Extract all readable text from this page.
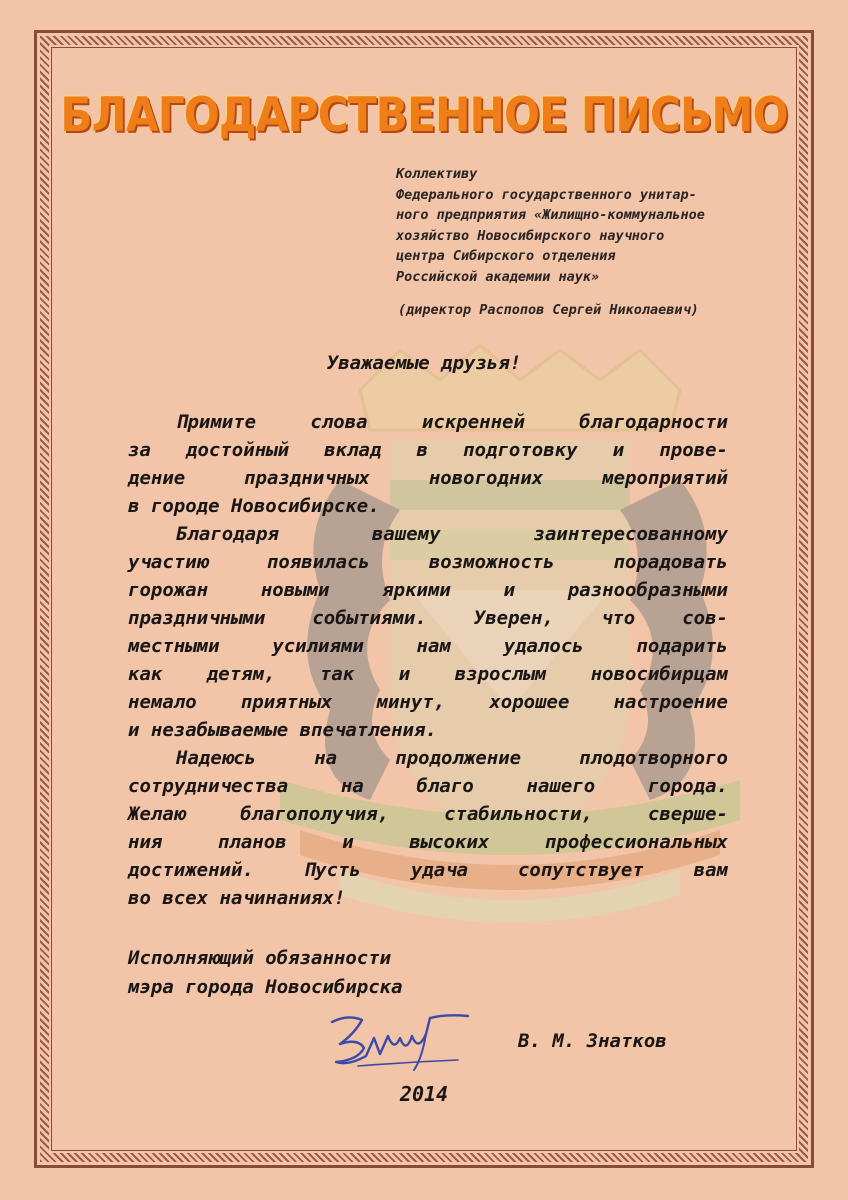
БЛАГОДАРСТВЕННОЕ ПИСЬМО
Коллективу
Федерального государственного унитар-
ного предприятия «Жилищно-коммунальное
хозяйство Новосибирского научного
центра Сибирского отделения
Российской академии наук»
(директор Распопов Сергей Николаевич)
Уважаемые друзья!

Примите слова искренней благодарности
за достойный вклад в подготовку и прове-
дение праздничных новогодних мероприятий
в городе Новосибирске.

Благодаря вашему заинтересованному
участию появилась возможность порадовать
горожан новыми яркими и разнообразными
праздничными событиями. Уверен, что сов-
местными усилиями нам удалось подарить
как детям, так и взрослым новосибирцам
немало приятных минут, хорошее настроение
и незабываемые впечатления.

Надеюсь на продолжение плодотворного
сотрудничества на благо нашего города.
Желаю благополучия, стабильности, сверше-
ния планов и высоких профессиональных
достижений. Пусть удача сопутствует вам
во всех начинаниях!

Исполняющий обязанности
мэра города Новосибирска
В. М. Знатков
2014
